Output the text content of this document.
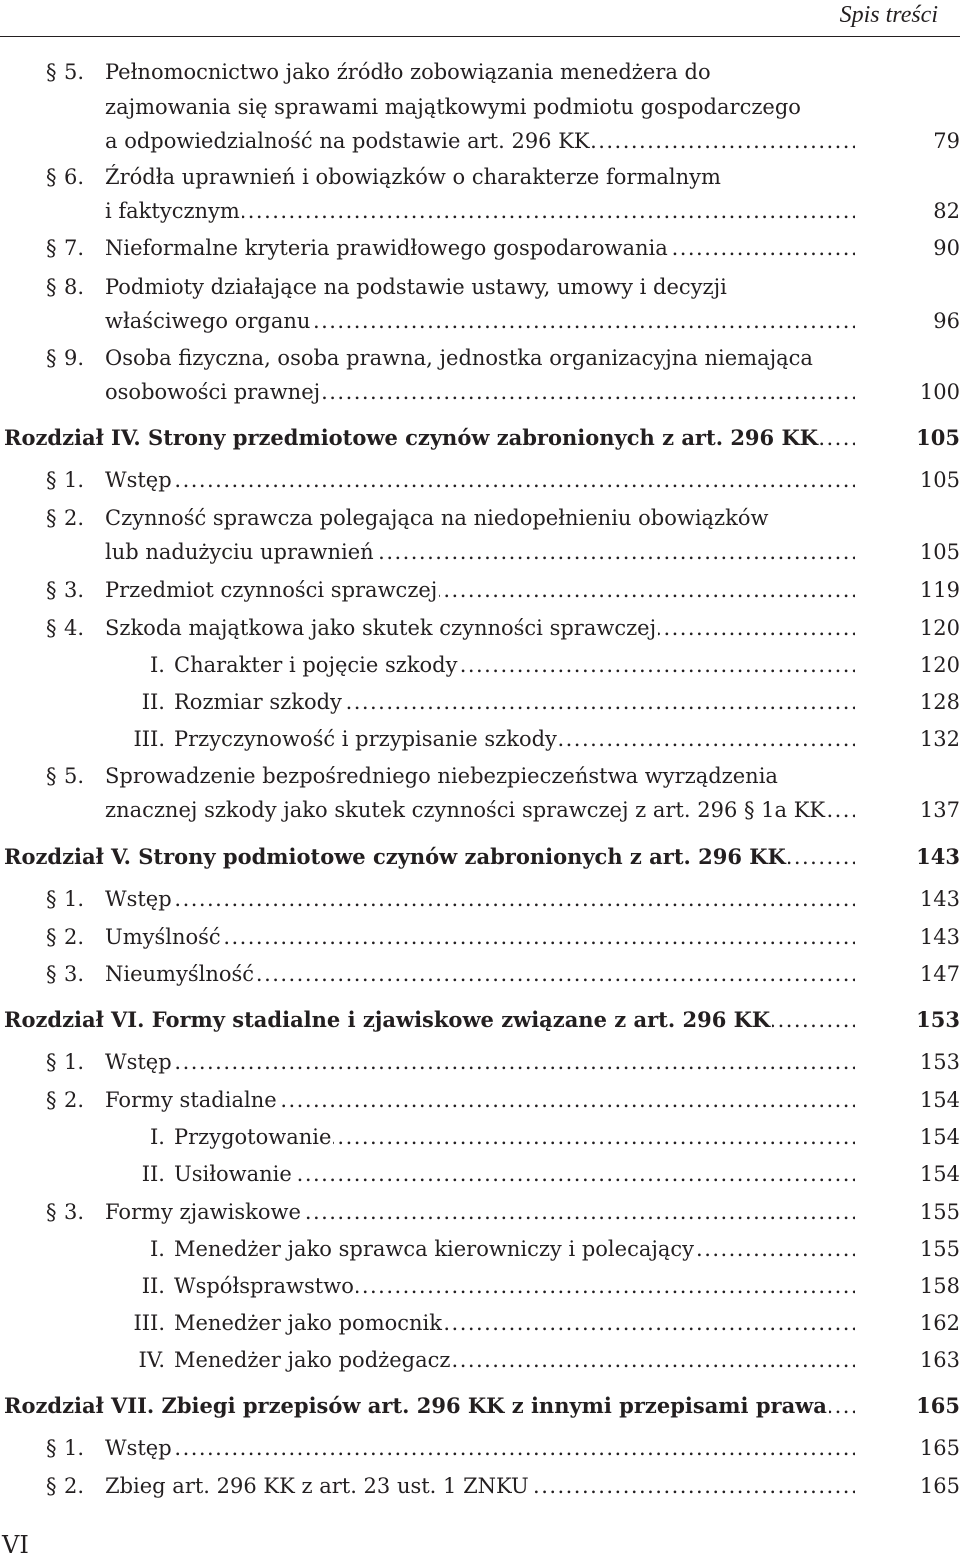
Spis treści
§ 5. Pełnomocnictwo jako źródło zobowiązania menedżera do
zajmowania się sprawami majątkowymi podmiotu gospodarczego
a odpowiedzialność na podstawie art. 296 KK . . .	79
§ 6. Źródła uprawnień i obowiązków o charakterze formalnym
i faktycznym . . .	82
§ 7. Nieformalne kryteria prawidłowego gospodarowania . . .	90
§ 8. Podmioty działające na podstawie ustawy, umowy i decyzji
właściwego organu . . .	96
§ 9. Osoba fizyczna, osoba prawna, jednostka organizacyjna niemająca
osobowości prawnej . . .	100
Rozdział IV. Strony przedmiotowe czynów zabronionych z art. 296 KK . . .	105
§ 1. Wstęp . . .	105
§ 2. Czynność sprawcza polegająca na niedopełnieniu obowiązków
lub nadużyciu uprawnień . . .	105
§ 3. Przedmiot czynności sprawczej . . .	119
§ 4. Szkoda majątkowa jako skutek czynności sprawczej . . .	120
I. Charakter i pojęcie szkody . . .	120
II. Rozmiar szkody . . .	128
III. Przyczynowość i przypisanie szkody . . .	132
§ 5. Sprowadzenie bezpośredniego niebezpieczeństwa wyrządzenia
znacznej szkody jako skutek czynności sprawczej z art. 296 § 1a KK . . .	137
Rozdział V. Strony podmiotowe czynów zabronionych z art. 296 KK . . .	143
§ 1. Wstęp . . .	143
§ 2. Umyślność . . .	143
§ 3. Nieumyślność . . .	147
Rozdział VI. Formy stadialne i zjawiskowe związane z art. 296 KK . . .	153
§ 1. Wstęp . . .	153
§ 2. Formy stadialne . . .	154
I. Przygotowanie . . .	154
II. Usiłowanie . . .	154
§ 3. Formy zjawiskowe . . .	155
I. Menedżer jako sprawca kierowniczy i polecający . . .	155
II. Współsprawstwo . . .	158
III. Menedżer jako pomocnik . . .	162
IV. Menedżer jako podżegacz . . .	163
Rozdział VII. Zbiegi przepisów art. 296 KK z innymi przepisami prawa . . .	165
§ 1. Wstęp . . .	165
§ 2. Zbieg art. 296 KK z art. 23 ust. 1 ZNKU . . .	165
VI
